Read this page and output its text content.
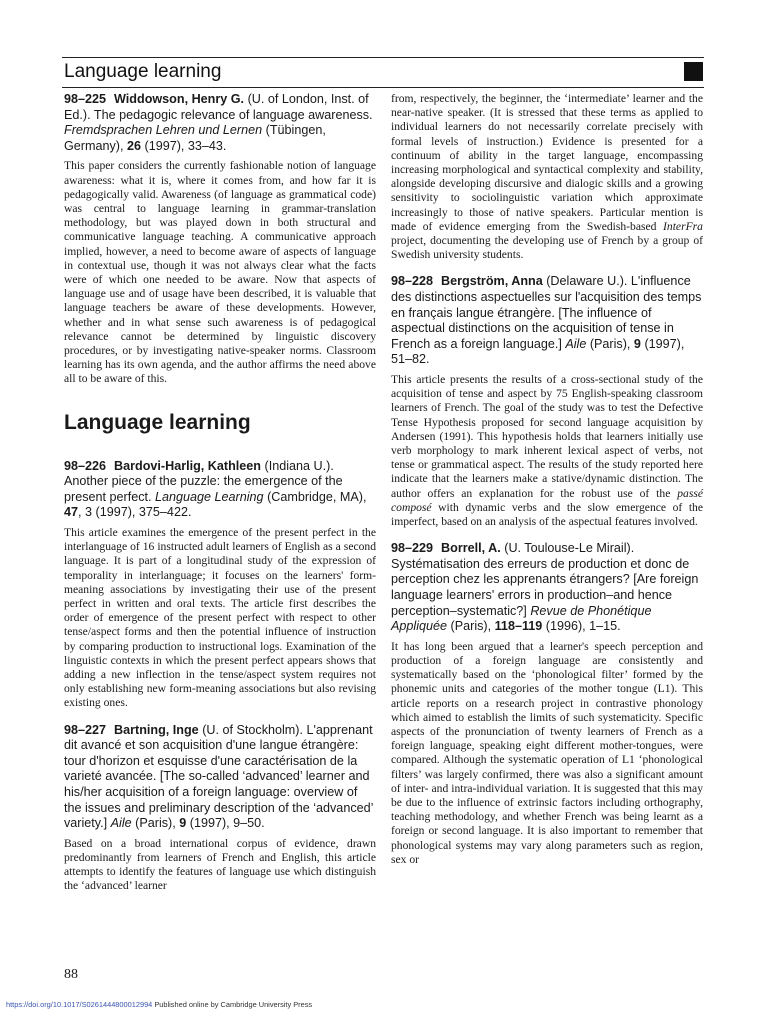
Language learning
98–225 Widdowson, Henry G. (U. of London, Inst. of Ed.). The pedagogic relevance of language awareness. Fremdsprachen Lehren und Lernen (Tübingen, Germany), 26 (1997), 33–43.

This paper considers the currently fashionable notion of language awareness: what it is, where it comes from, and how far it is pedagogically valid. Awareness (of language as grammatical code) was central to language learning in grammar-translation methodology, but was played down in both structural and communicative language teaching. A communicative approach implied, however, a need to become aware of aspects of language in contextual use, though it was not always clear what the facts were of which one needed to be aware. Now that aspects of language use and of usage have been described, it is valuable that language teachers be aware of these developments. However, whether and in what sense such awareness is of pedagogical relevance cannot be determined by linguistic discovery procedures, or by investigating native-speaker norms. Classroom learning has its own agenda, and the author affirms the need above all to be aware of this.

Language learning
98–226 Bardovi-Harlig, Kathleen (Indiana U.). Another piece of the puzzle: the emergence of the present perfect. Language Learning (Cambridge, MA), 47, 3 (1997), 375–422.

This article examines the emergence of the present perfect in the interlanguage of 16 instructed adult learners of English as a second language. It is part of a longitudinal study of the expression of temporality in interlanguage; it focuses on the learners' form-meaning associations by investigating their use of the present perfect in written and oral texts. The article first describes the order of emergence of the present perfect with respect to other tense/aspect forms and then the potential influence of instruction by comparing production to instructional logs. Examination of the linguistic contexts in which the present perfect appears shows that adding a new inflection in the tense/aspect system requires not only establishing new form-meaning associations but also revising existing ones.

98–227 Bartning, Inge (U. of Stockholm). L'apprenant dit avancé et son acquisition d'une langue étrangère: tour d'horizon et esquisse d'une caractérisation de la varieté avancée. [The so-called ‘advanced’ learner and his/her acquisition of a foreign language: overview of the issues and preliminary description of the ‘advanced’ variety.] Aile (Paris), 9 (1997), 9–50.

Based on a broad international corpus of evidence, drawn predominantly from learners of French and English, this article attempts to identify the features of language use which distinguish the ‘advanced’ learner

from, respectively, the beginner, the ‘intermediate’ learner and the near-native speaker. (It is stressed that these terms as applied to individual learners do not necessarily correlate precisely with formal levels of instruction.) Evidence is presented for a continuum of ability in the target language, encompassing increasing morphological and syntactical complexity and stability, alongside developing discursive and dialogic skills and a growing sensitivity to sociolinguistic variation which approximate increasingly to those of native speakers. Particular mention is made of evidence emerging from the Swedish-based InterFra project, documenting the developing use of French by a group of Swedish university students.

98–228 Bergström, Anna (Delaware U.). L'influence des distinctions aspectuelles sur l'acquisition des temps en français langue étrangère. [The influence of aspectual distinctions on the acquisition of tense in French as a foreign language.] Aile (Paris), 9 (1997), 51–82.

This article presents the results of a cross-sectional study of the acquisition of tense and aspect by 75 English-speaking classroom learners of French. The goal of the study was to test the Defective Tense Hypothesis proposed for second language acquisition by Andersen (1991). This hypothesis holds that learners initially use verb morphology to mark inherent lexical aspect of verbs, not tense or grammatical aspect. The results of the study reported here indicate that the learners make a stative/dynamic distinction. The author offers an explanation for the robust use of the passé composé with dynamic verbs and the slow emergence of the imperfect, based on an analysis of the aspectual features involved.

98–229 Borrell, A. (U. Toulouse-Le Mirail). Systématisation des erreurs de production et donc de perception chez les apprenants étrangers? [Are foreign language learners' errors in production–and hence perception–systematic?] Revue de Phonétique Appliquée (Paris), 118–119 (1996), 1–15.

It has long been argued that a learner's speech perception and production of a foreign language are consistently and systematically based on the ‘phonological filter’ formed by the phonemic units and categories of the mother tongue (L1). This article reports on a research project in contrastive phonology which aimed to establish the limits of such systematicity. Specific aspects of the pronunciation of twenty learners of French as a foreign language, speaking eight different mother-tongues, were compared. Although the systematic operation of L1 ‘phonological filters’ was largely confirmed, there was also a significant amount of inter- and intra-individual variation. It is suggested that this may be due to the influence of extrinsic factors including orthography, teaching methodology, and whether French was being learnt as a foreign or second language. It is also important to remember that phonological systems may vary along parameters such as region, sex or

88
https://doi.org/10.1017/S0261444800012994 Published online by Cambridge University Press
